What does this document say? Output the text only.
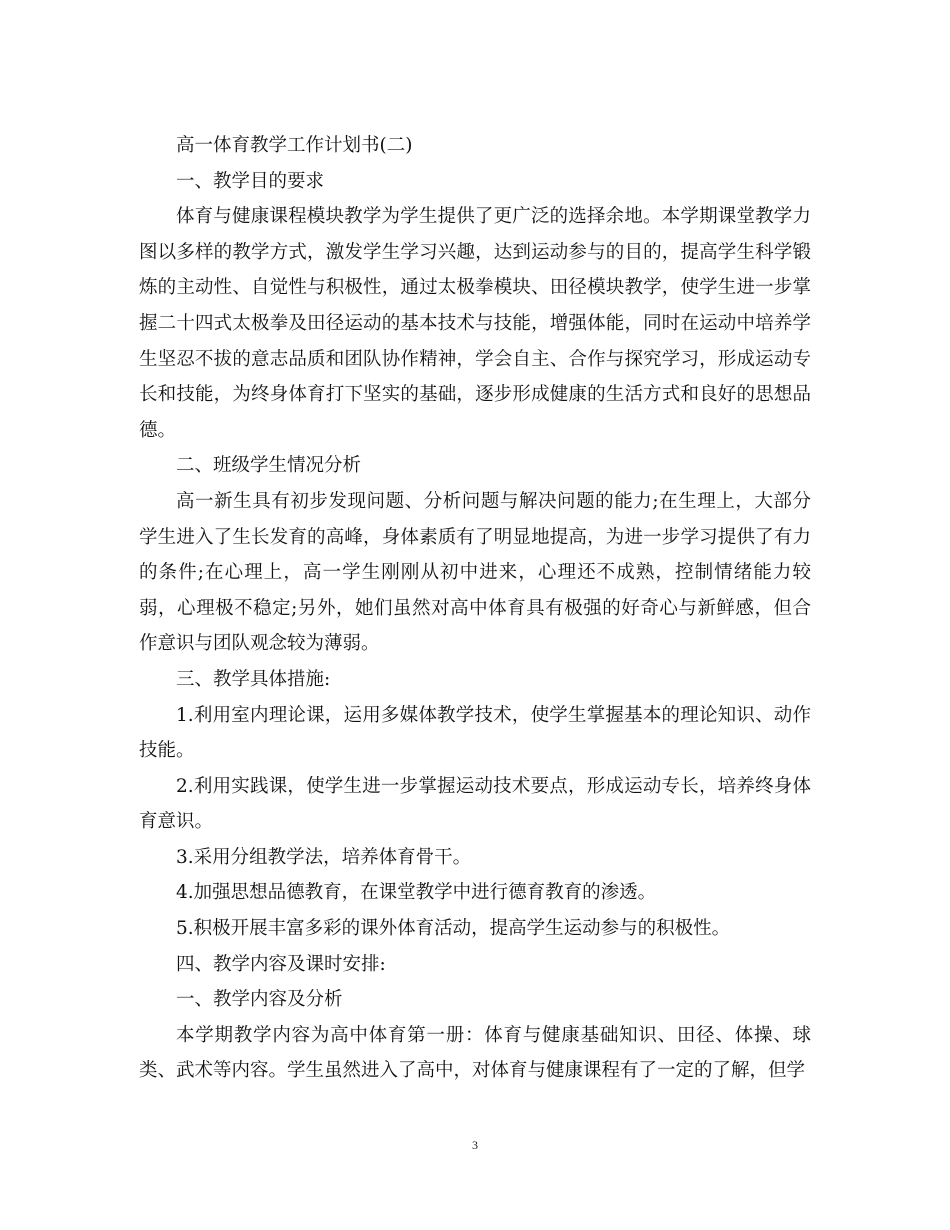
高一体育教学工作计划书(二)

一、教学目的要求

体育与健康课程模块教学为学生提供了更广泛的选择余地。本学期课堂教学力图以多样的教学方式，激发学生学习兴趣，达到运动参与的目的，提高学生科学锻炼的主动性、自觉性与积极性，通过太极拳模块、田径模块教学，使学生进一步掌握二十四式太极拳及田径运动的基本技术与技能，增强体能，同时在运动中培养学生坚忍不拔的意志品质和团队协作精神，学会自主、合作与探究学习，形成运动专长和技能，为终身体育打下坚实的基础，逐步形成健康的生活方式和良好的思想品德。

二、班级学生情况分析

高一新生具有初步发现问题、分析问题与解决问题的能力;在生理上，大部分学生进入了生长发育的高峰，身体素质有了明显地提高，为进一步学习提供了有力的条件;在心理上，高一学生刚刚从初中进来，心理还不成熟，控制情绪能力较弱，心理极不稳定;另外，她们虽然对高中体育具有极强的好奇心与新鲜感，但合作意识与团队观念较为薄弱。

三、教学具体措施:

1.利用室内理论课，运用多媒体教学技术，使学生掌握基本的理论知识、动作技能。

2.利用实践课，使学生进一步掌握运动技术要点，形成运动专长，培养终身体育意识。

3.采用分组教学法，培养体育骨干。

4.加强思想品德教育，在课堂教学中进行德育教育的渗透。

5.积极开展丰富多彩的课外体育活动，提高学生运动参与的积极性。

四、教学内容及课时安排:

一、教学内容及分析

本学期教学内容为高中体育第一册：体育与健康基础知识、田径、体操、球类、武术等内容。学生虽然进入了高中，对体育与健康课程有了一定的了解，但学

3
